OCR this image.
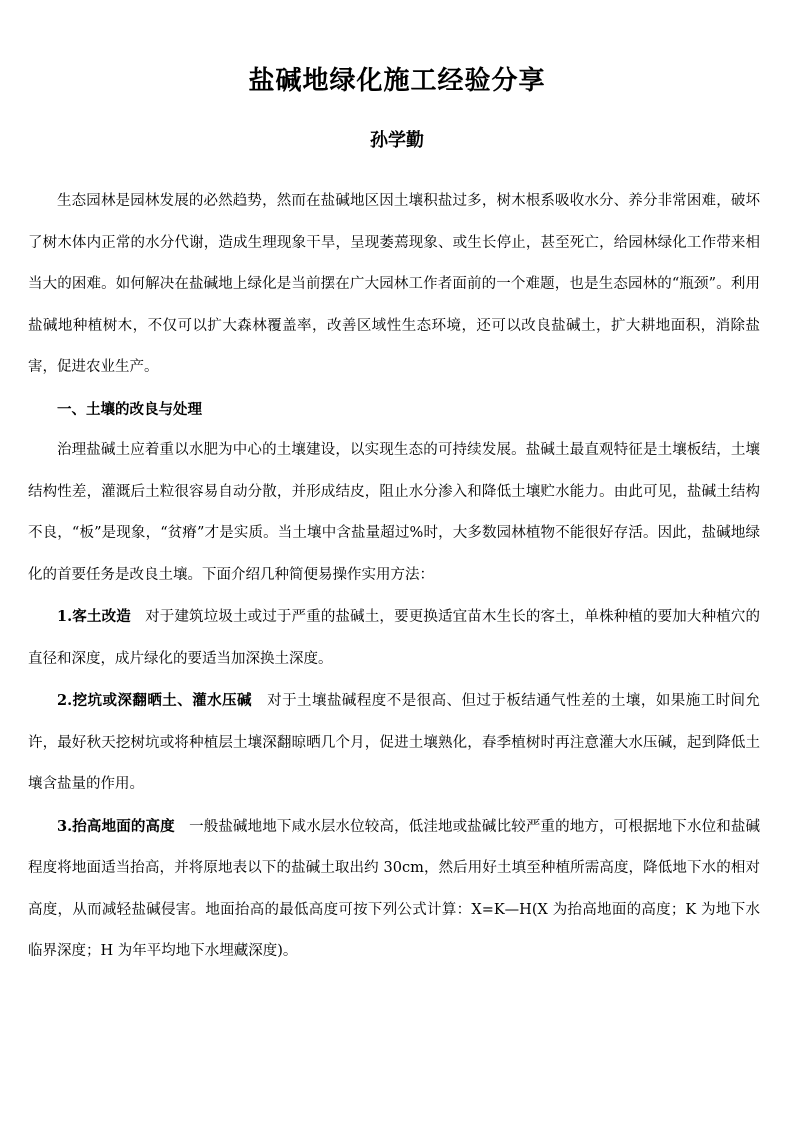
盐碱地绿化施工经验分享
孙学勤

生态园林是园林发展的必然趋势，然而在盐碱地区因土壤积盐过多，树木根系吸收水分、养分非常困难，破坏了树木体内正常的水分代谢，造成生理现象干旱，呈现萎蔫现象、或生长停止，甚至死亡，给园林绿化工作带来相当大的困难。如何解决在盐碱地上绿化是当前摆在广大园林工作者面前的一个难题，也是生态园林的“瓶颈”。利用盐碱地种植树木，不仅可以扩大森林覆盖率，改善区域性生态环境，还可以改良盐碱土，扩大耕地面积，消除盐害，促进农业生产。

一、土壤的改良与处理

治理盐碱土应着重以水肥为中心的土壤建设，以实现生态的可持续发展。盐碱土最直观特征是土壤板结，土壤结构性差，灌溉后土粒很容易自动分散，并形成结皮，阻止水分渗入和降低土壤贮水能力。由此可见，盐碱土结构不良，“板”是现象，“贫瘠”才是实质。当土壤中含盐量超过%时，大多数园林植物不能很好存活。因此，盐碱地绿化的首要任务是改良土壤。下面介绍几种简便易操作实用方法：

1.客土改造 对于建筑垃圾土或过于严重的盐碱土，要更换适宜苗木生长的客土，单株种植的要加大种植穴的直径和深度，成片绿化的要适当加深换土深度。

2.挖坑或深翻晒土、灌水压碱 对于土壤盐碱程度不是很高、但过于板结通气性差的土壤，如果施工时间允许，最好秋天挖树坑或将种植层土壤深翻晾晒几个月，促进土壤熟化，春季植树时再注意灌大水压碱，起到降低土壤含盐量的作用。

3.抬高地面的高度 一般盐碱地地下咸水层水位较高，低洼地或盐碱比较严重的地方，可根据地下水位和盐碱程度将地面适当抬高，并将原地表以下的盐碱土取出约 30cm，然后用好土填至种植所需高度，降低地下水的相对高度，从而减轻盐碱侵害。地面抬高的最低高度可按下列公式计算：X=K—H(X 为抬高地面的高度；K 为地下水临界深度；H 为年平均地下水埋藏深度)。
